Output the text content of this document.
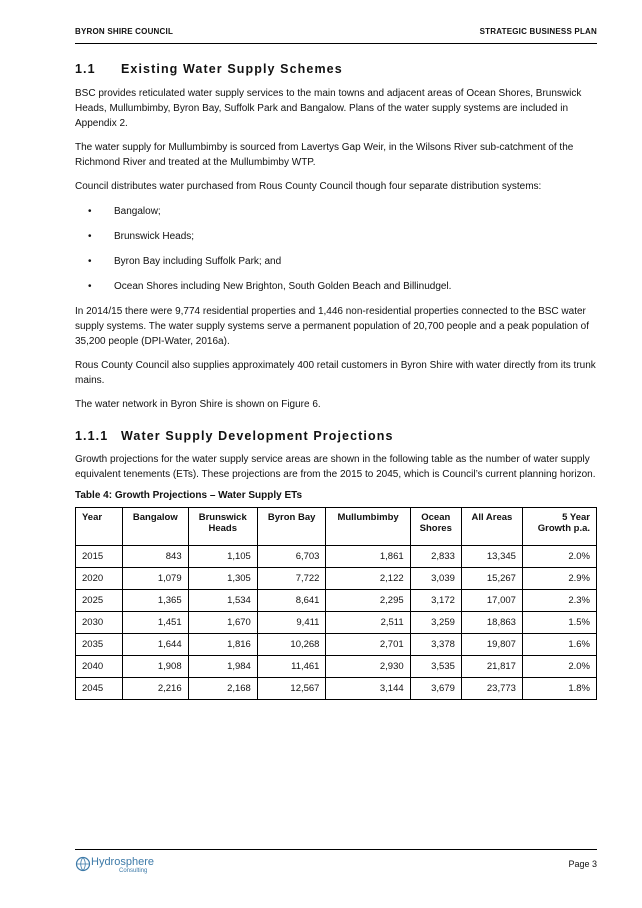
BYRON SHIRE COUNCIL	STRATEGIC BUSINESS PLAN
1.1	Existing Water Supply Schemes

BSC provides reticulated water supply services to the main towns and adjacent areas of Ocean Shores, Brunswick Heads, Mullumbimby, Byron Bay, Suffolk Park and Bangalow. Plans of the water supply systems are included in Appendix 2.

The water supply for Mullumbimby is sourced from Lavertys Gap Weir, in the Wilsons River sub-catchment of the Richmond River and treated at the Mullumbimby WTP.

Council distributes water purchased from Rous County Council though four separate distribution systems:

• Bangalow;
• Brunswick Heads;
• Byron Bay including Suffolk Park; and
• Ocean Shores including New Brighton, South Golden Beach and Billinudgel.

In 2014/15 there were 9,774 residential properties and 1,446 non-residential properties connected to the BSC water supply systems. The water supply systems serve a permanent population of 20,700 people and a peak population of 35,200 people (DPI-Water, 2016a).

Rous County Council also supplies approximately 400 retail customers in Byron Shire with water directly from its trunk mains.

The water network in Byron Shire is shown on Figure 6.

1.1.1	Water Supply Development Projections

Growth projections for the water supply service areas are shown in the following table as the number of water supply equivalent tenements (ETs). These projections are from the 2015 to 2045, which is Council’s current planning horizon.

Table 4: Growth Projections – Water Supply ETs
Year	Bangalow	Brunswick
Heads	Byron Bay	Mullumbimby	Ocean
Shores	All Areas	5 Year
Growth p.a.
2015	843	1,105	6,703	1,861	2,833	13,345	2.0%
2020	1,079	1,305	7,722	2,122	3,039	15,267	2.9%
2025	1,365	1,534	8,641	2,295	3,172	17,007	2.3%
2030	1,451	1,670	9,411	2,511	3,259	18,863	1.5%
2035	1,644	1,816	10,268	2,701	3,378	19,807	1.6%
2040	1,908	1,984	11,461	2,930	3,535	21,817	2.0%
2045	2,216	2,168	12,567	3,144	3,679	23,773	1.8%
Hydrosphere
Consulting
Page 3
